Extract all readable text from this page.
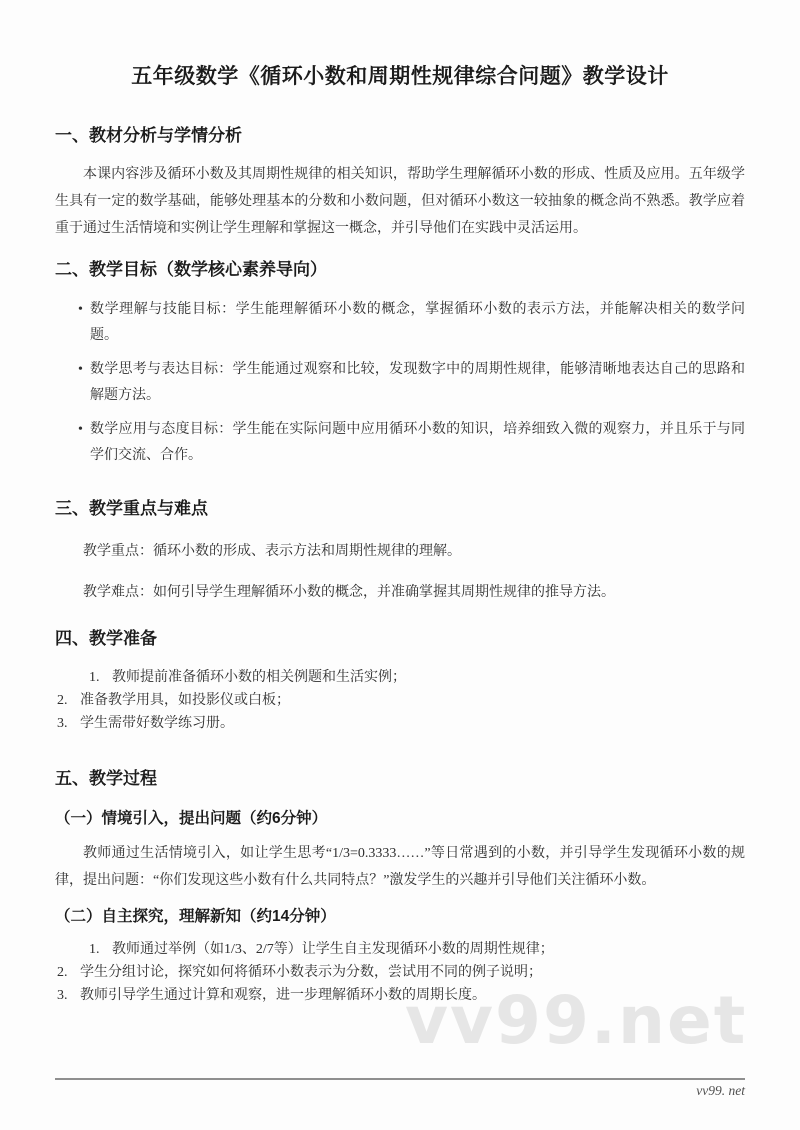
vv99.net
五年级数学《循环小数和周期性规律综合问题》教学设计
一、教材分析与学情分析

本课内容涉及循环小数及其周期性规律的相关知识，帮助学生理解循环小数的形成、性质及应用。五年级学生具有一定的数学基础，能够处理基本的分数和小数问题，但对循环小数这一较抽象的概念尚不熟悉。教学应着重于通过生活情境和实例让学生理解和掌握这一概念，并引导他们在实践中灵活运用。

二、教学目标（数学核心素养导向）
• 数学理解与技能目标：学生能理解循环小数的概念，掌握循环小数的表示方法，并能解决相关的数学问题。
• 数学思考与表达目标：学生能通过观察和比较，发现数字中的周期性规律，能够清晰地表达自己的思路和解题方法。
• 数学应用与态度目标：学生能在实际问题中应用循环小数的知识，培养细致入微的观察力，并且乐于与同学们交流、合作。
三、教学重点与难点

教学重点：循环小数的形成、表示方法和周期性规律的理解。

教学难点：如何引导学生理解循环小数的概念，并准确掌握其周期性规律的推导方法。

四、教学准备
1. 教师提前准备循环小数的相关例题和生活实例；
2. 准备教学用具，如投影仪或白板；
3. 学生需带好数学练习册。
五、教学过程
（一）情境引入，提出问题（约6分钟）

教师通过生活情境引入，如让学生思考“1/3=0.3333……”等日常遇到的小数，并引导学生发现循环小数的规律，提出问题：“你们发现这些小数有什么共同特点？”激发学生的兴趣并引导他们关注循环小数。

（二）自主探究，理解新知（约14分钟）
1. 教师通过举例（如1/3、2/7等）让学生自主发现循环小数的周期性规律；
2. 学生分组讨论，探究如何将循环小数表示为分数，尝试用不同的例子说明；
3. 教师引导学生通过计算和观察，进一步理解循环小数的周期长度。
vv99. net
